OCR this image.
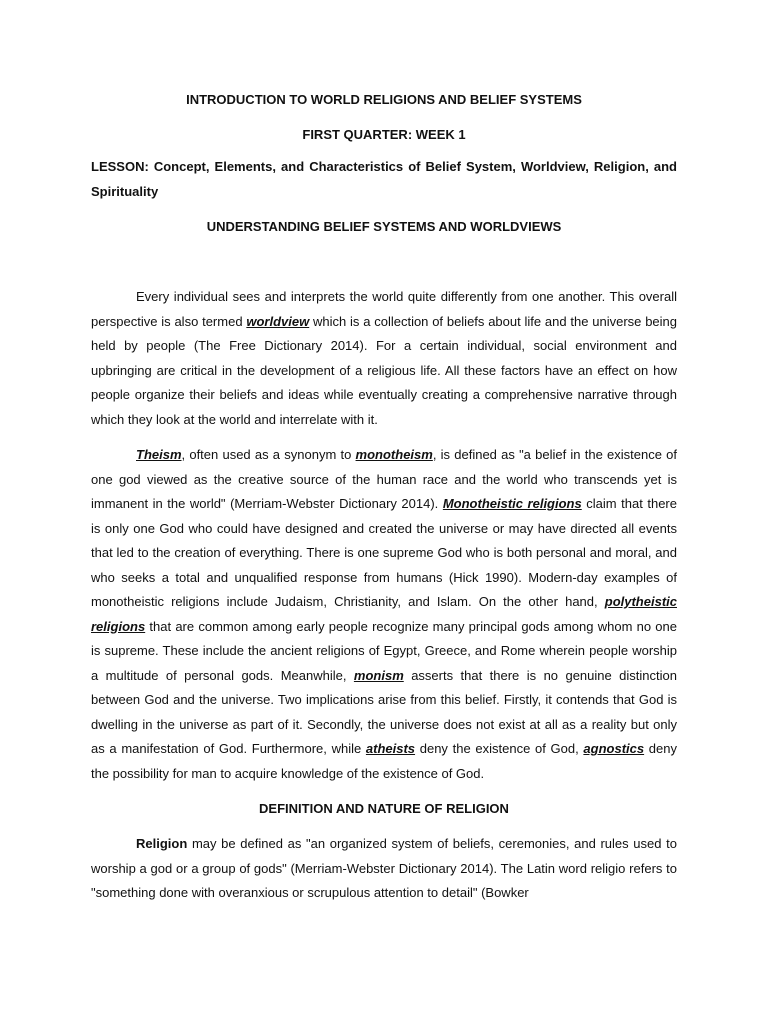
INTRODUCTION TO WORLD RELIGIONS AND BELIEF SYSTEMS

FIRST QUARTER: WEEK 1

LESSON: Concept, Elements, and Characteristics of Belief System, Worldview, Religion, and Spirituality

UNDERSTANDING BELIEF SYSTEMS AND WORLDVIEWS

Every individual sees and interprets the world quite differently from one another. This overall perspective is also termed worldview which is a collection of beliefs about life and the universe being held by people (The Free Dictionary 2014). For a certain individual, social environment and upbringing are critical in the development of a religious life. All these factors have an effect on how people organize their beliefs and ideas while eventually creating a comprehensive narrative through which they look at the world and interrelate with it.

Theism, often used as a synonym to monotheism, is defined as "a belief in the existence of one god viewed as the creative source of the human race and the world who transcends yet is immanent in the world" (Merriam-Webster Dictionary 2014). Monotheistic religions claim that there is only one God who could have designed and created the universe or may have directed all events that led to the creation of everything. There is one supreme God who is both personal and moral, and who seeks a total and unqualified response from humans (Hick 1990). Modern-day examples of monotheistic religions include Judaism, Christianity, and Islam. On the other hand, polytheistic religions that are common among early people recognize many principal gods among whom no one is supreme. These include the ancient religions of Egypt, Greece, and Rome wherein people worship a multitude of personal gods. Meanwhile, monism asserts that there is no genuine distinction between God and the universe. Two implications arise from this belief. Firstly, it contends that God is dwelling in the universe as part of it. Secondly, the universe does not exist at all as a reality but only as a manifestation of God. Furthermore, while atheists deny the existence of God, agnostics deny the possibility for man to acquire knowledge of the existence of God.

DEFINITION AND NATURE OF RELIGION

Religion may be defined as "an organized system of beliefs, ceremonies, and rules used to worship a god or a group of gods" (Merriam-Webster Dictionary 2014). The Latin word religio refers to "something done with overanxious or scrupulous attention to detail" (Bowker
